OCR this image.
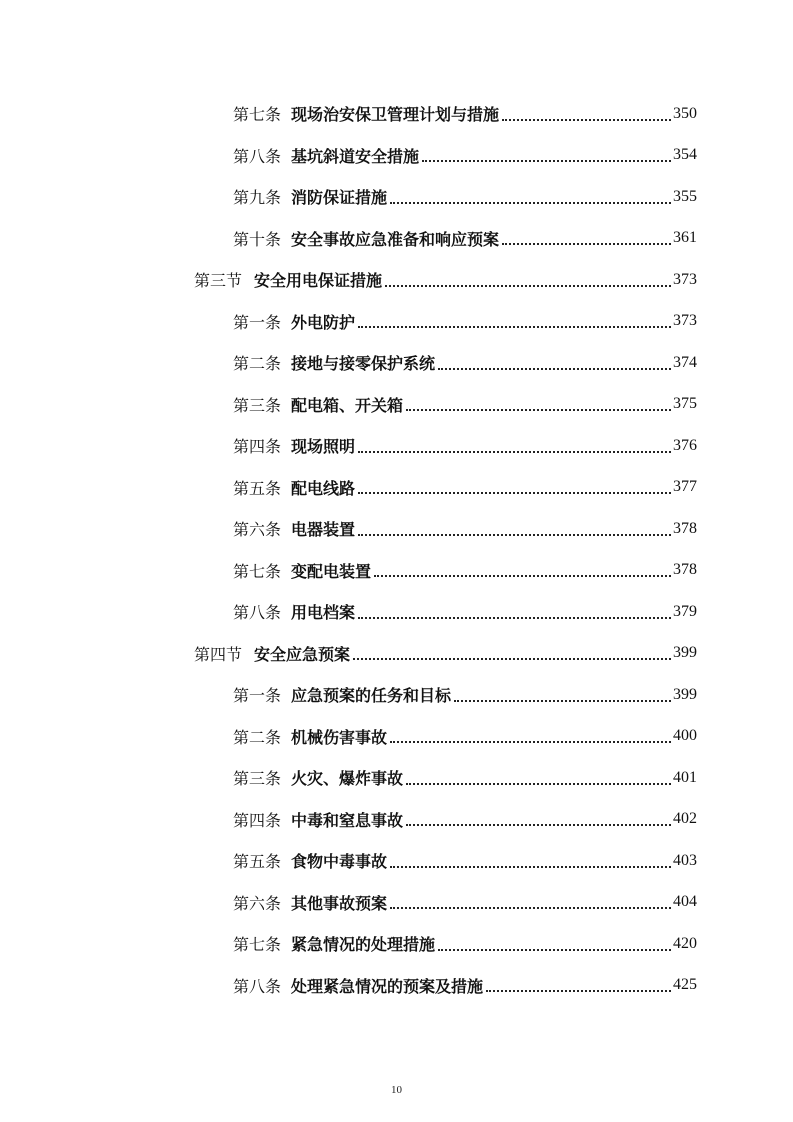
第七条 现场治安保卫管理计划与措施	350
第八条 基坑斜道安全措施	354
第九条 消防保证措施	355
第十条 安全事故应急准备和响应预案	361
第三节 安全用电保证措施	373
第一条 外电防护	373
第二条 接地与接零保护系统	374
第三条 配电箱、开关箱	375
第四条 现场照明	376
第五条 配电线路	377
第六条 电器装置	378
第七条 变配电装置	378
第八条 用电档案	379
第四节 安全应急预案	399
第一条 应急预案的任务和目标	399
第二条 机械伤害事故	400
第三条 火灾、爆炸事故	401
第四条 中毒和窒息事故	402
第五条 食物中毒事故	403
第六条 其他事故预案	404
第七条 紧急情况的处理措施	420
第八条 处理紧急情况的预案及措施	425
10
